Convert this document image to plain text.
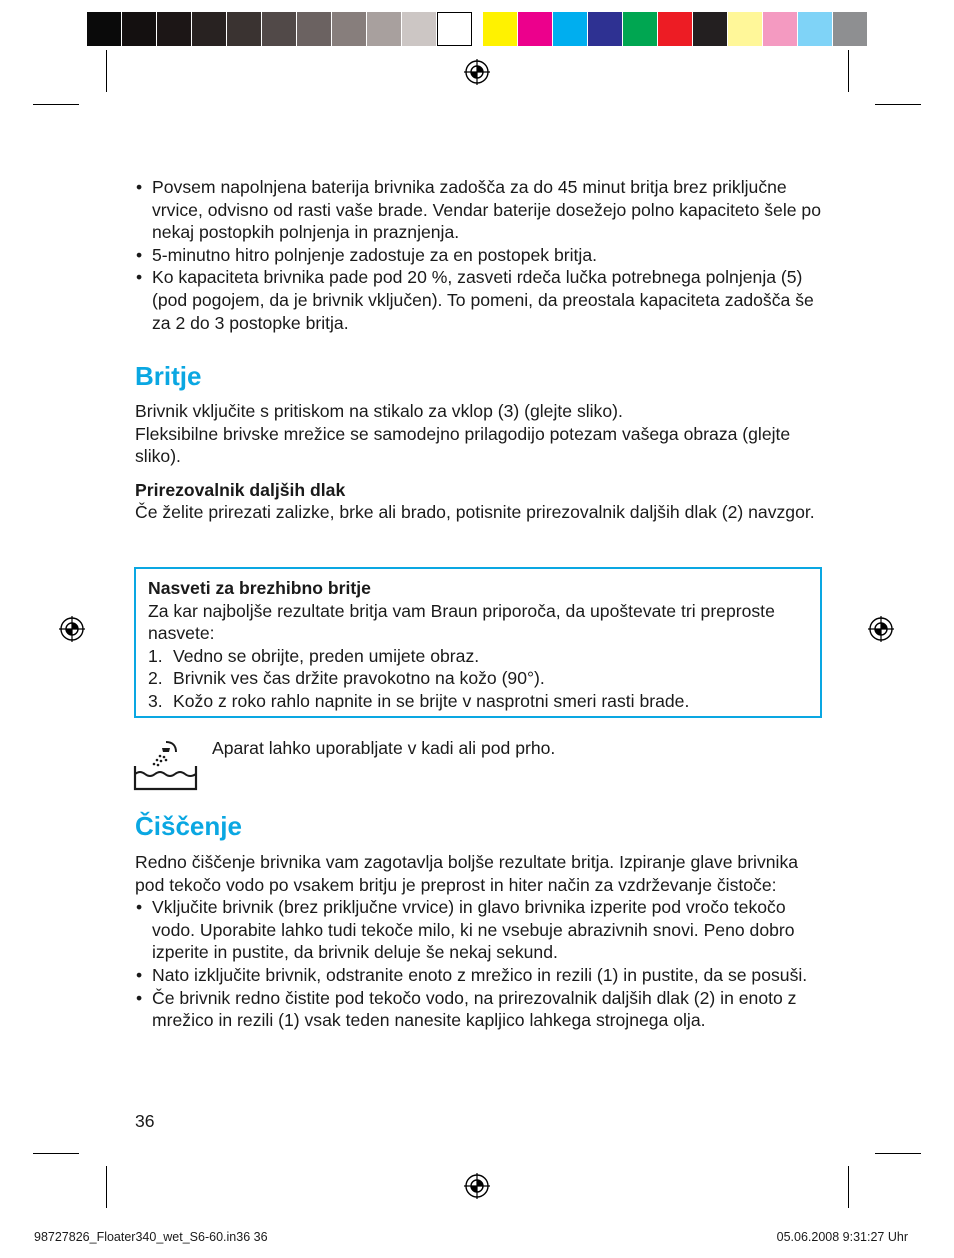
• Povsem napolnjena baterija brivnika zadošča za do 45 minut britja brez priključne vrvice, odvisno od rasti vaše brade. Vendar baterije dosežejo polno kapaciteto šele po nekaj postopkih polnjenja in praznjenja.
• 5-minutno hitro polnjenje zadostuje za en postopek britja.
• Ko kapaciteta brivnika pade pod 20 %, zasveti rdeča lučka potrebnega polnjenja (5) (pod pogojem, da je brivnik vključen). To pomeni, da preostala kapaciteta zadošča še za 2 do 3 postopke britja.
Britje

Brivnik vključite s pritiskom na stikalo za vklop (3) (glejte sliko).

Fleksibilne brivske mrežice se samodejno prilagodijo potezam vašega obraza (glejte sliko).

Prirezovalnik daljših dlak

Če želite prirezati zalizke, brke ali brado, potisnite prirezovalnik daljših dlak (2) navzgor.

Nasveti za brezhibno britje

Za kar najboljše rezultate britja vam Braun priporoča, da upoštevate tri preproste nasvete:

1. Vedno se obrijte, preden umijete obraz.
2. Brivnik ves čas držite pravokotno na kožo (90°).
3. Kožo z roko rahlo napnite in se brijte v nasprotni smeri rasti brade.
Aparat lahko uporabljate v kadi ali pod prho.
Čiščenje

Redno čiščenje brivnika vam zagotavlja boljše rezultate britja. Izpiranje glave brivnika pod tekočo vodo po vsakem britju je preprost in hiter način za vzdrževanje čistoče:

• Vključite brivnik (brez priključne vrvice) in glavo brivnika izperite pod vročo tekočo vodo. Uporabite lahko tudi tekoče milo, ki ne vsebuje abrazivnih snovi. Peno dobro izperite in pustite, da brivnik deluje še nekaj sekund.
• Nato izključite brivnik, odstranite enoto z mrežico in rezili (1) in pustite, da se posuši.
• Če brivnik redno čistite pod tekočo vodo, na prirezovalnik daljših dlak (2) in enoto z mrežico in rezili (1) vsak teden nanesite kapljico lahkega strojnega olja.
36
98727826_Floater340_wet_S6-60.in36 36	05.06.2008 9:31:27 Uhr
